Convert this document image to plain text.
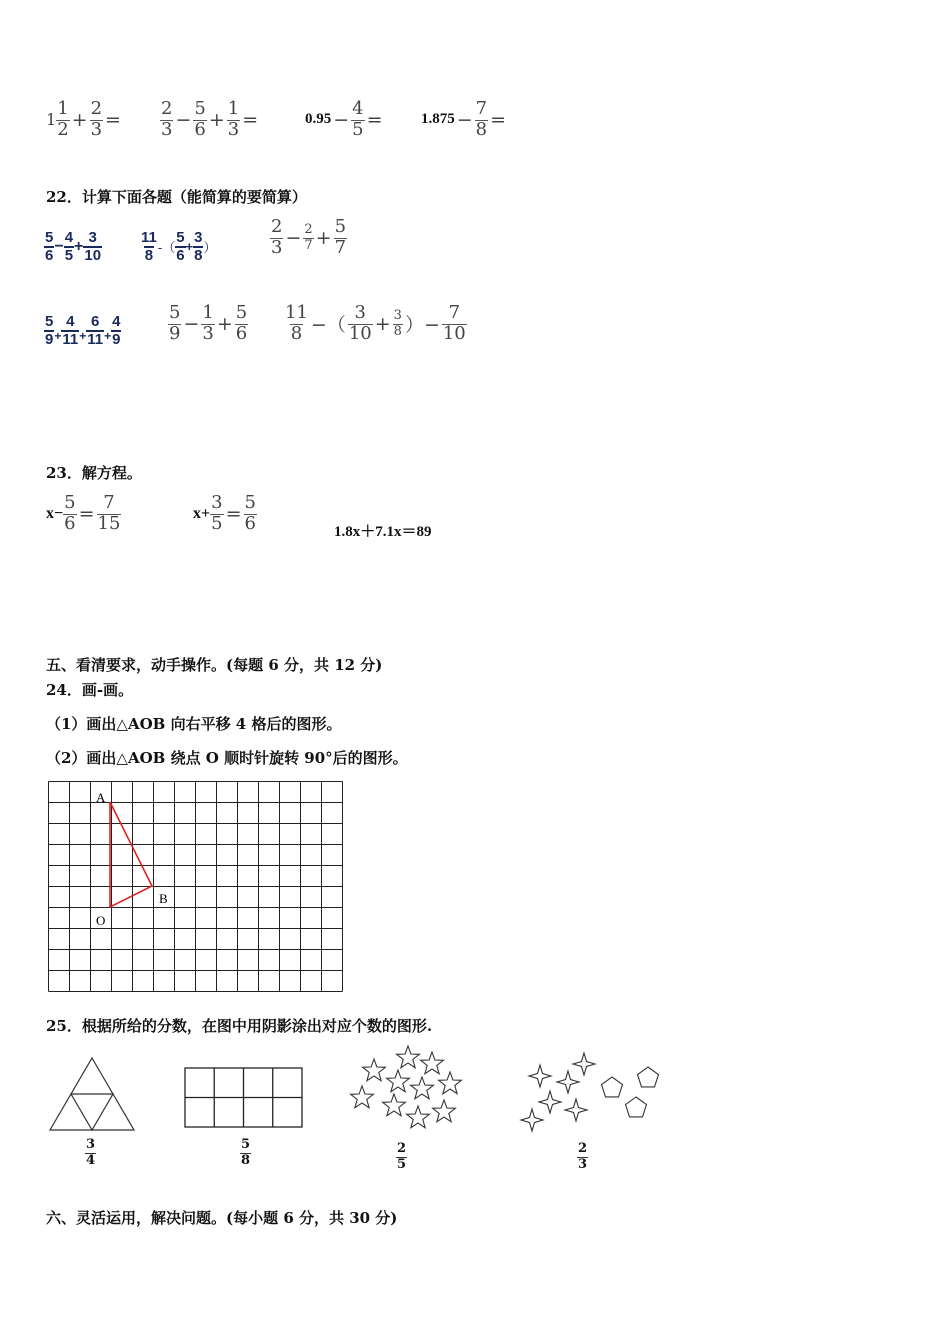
1
1
$2 + \frac{2}{3} = 2$
$3 - \frac{5}{6} + \frac{1}{3}$ =	$0.95 - \frac{4}{5}$ =	$1.875 - \frac{7}{8}$ =
22．计算下面各题（能简算的要简算）
5
6
− $\frac{4}{5} + \frac{3}{10}$	11
8 -（
5
6
+ $\frac{3}{8}$ ）
2
$3 - \frac{2}{7} + \frac{5}{7}$
5
$9 + \frac{4}{11} + \frac{6}{11} + \frac{4}{9}$
5
$9 - \frac{1}{3} + \frac{5}{6} 11$
8 −（
3
$10 + \frac{3}{8}$ ）− $\frac{7}{10}$
23．解方程。
$x- \frac{5}{6} = \frac{7}{15}$	$x+ \frac{3}{5} = \frac{5}{6}$	1.8x＋7.1x＝89
五、看清要求，动手操作。(每题 6 分，共 12 分)
24．画-画。
（1）画出△AOB 向右平移 4 格后的图形。
（2）画出△AOB 绕点 O 顺时针旋转 90°后的图形。
A
B
O
25．根据所给的分数，在图中用阴影涂出对应个数的图形.
$\frac{3}{4}$	$\frac{5}{8}$	$\frac{2}{5}$	$\frac{2}{3}$
六、灵活运用，解决问题。(每小题 6 分，共 30 分)
